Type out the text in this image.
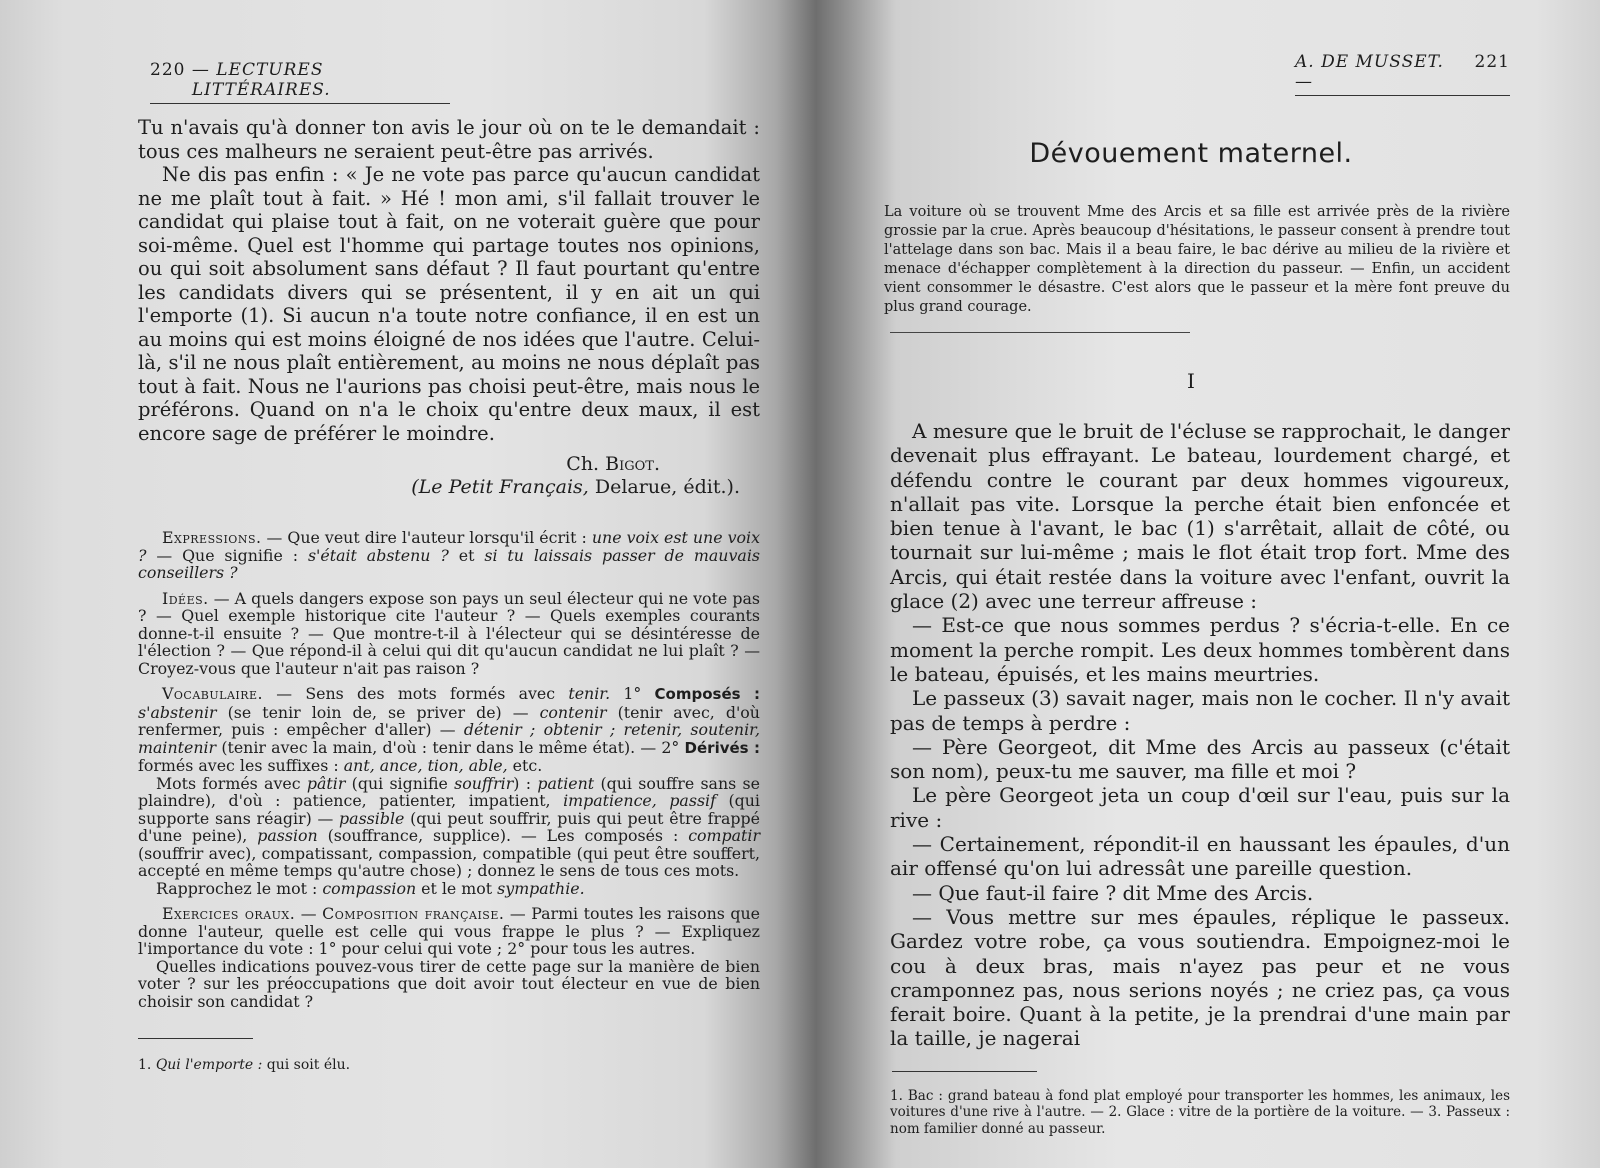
220
— LECTURES LITTÉRAIRES.

Tu n'avais qu'à donner ton avis le jour où on te le demandait : tous ces malheurs ne seraient peut-être pas arrivés.

Ne dis pas enfin : « Je ne vote pas parce qu'aucun candidat ne me plaît tout à fait. » Hé ! mon ami, s'il fallait trouver le candidat qui plaise tout à fait, on ne voterait guère que pour soi-même. Quel est l'homme qui partage toutes nos opinions, ou qui soit absolument sans défaut ? Il faut pourtant qu'entre les candidats divers qui se présentent, il y en ait un qui l'emporte (1). Si aucun n'a toute notre confiance, il en est un au moins qui est moins éloigné de nos idées que l'autre. Celui-là, s'il ne nous plaît entièrement, au moins ne nous déplaît pas tout à fait. Nous ne l'aurions pas choisi peut-être, mais nous le préférons. Quand on n'a le choix qu'entre deux maux, il est encore sage de préférer le moindre.

Ch. Bigot.
(Le Petit Français, Delarue, édit.).

Expressions. — Que veut dire l'auteur lorsqu'il écrit : une voix est une voix ? — Que signifie : s'était abstenu ? et si tu laissais passer de mauvais conseillers ?

Idées. — A quels dangers expose son pays un seul électeur qui ne vote pas ? — Quel exemple historique cite l'auteur ? — Quels exemples courants donne-t-il ensuite ? — Que montre-t-il à l'électeur qui se désintéresse de l'élection ? — Que répond-il à celui qui dit qu'aucun candidat ne lui plaît ? — Croyez-vous que l'auteur n'ait pas raison ?

Vocabulaire. — Sens des mots formés avec tenir. 1° Composés : s'abstenir (se tenir loin de, se priver de) — contenir (tenir avec, d'où renfermer, puis : empêcher d'aller) — détenir ; obtenir ; retenir, soutenir, maintenir (tenir avec la main, d'où : tenir dans le même état). — 2° Dérivés : formés avec les suffixes : ant, ance, tion, able, etc.

Mots formés avec pâtir (qui signifie souffrir) : patient (qui souffre sans se plaindre), d'où : patience, patienter, impatient, impatience, passif (qui supporte sans réagir) — passible (qui peut souffrir, puis qui peut être frappé d'une peine), passion (souffrance, supplice). — Les composés : compatir (souffrir avec), compatissant, compassion, compatible (qui peut être souffert, accepté en même temps qu'autre chose) ; donnez le sens de tous ces mots.

Rapprochez le mot : compassion et le mot sympathie.

Exercices oraux. — Composition française. — Parmi toutes les raisons que donne l'auteur, quelle est celle qui vous frappe le plus ? — Expliquez l'importance du vote : 1° pour celui qui vote ; 2° pour tous les autres.

Quelles indications pouvez-vous tirer de cette page sur la manière de bien voter ? sur les préoccupations que doit avoir tout électeur en vue de bien choisir son candidat ?

1. Qui l'emporte : qui soit élu.
A. DE MUSSET. —

221
Dévouement maternel.
La voiture où se trouvent Mme des Arcis et sa fille est arrivée près de la rivière grossie par la crue. Après beaucoup d'hésitations, le passeur consent à prendre tout l'attelage dans son bac. Mais il a beau faire, le bac dérive au milieu de la rivière et menace d'échapper complètement à la direction du passeur. — Enfin, un accident vient consommer le désastre. C'est alors que le passeur et la mère font preuve du plus grand courage.
I

A mesure que le bruit de l'écluse se rapprochait, le danger devenait plus effrayant. Le bateau, lourdement chargé, et défendu contre le courant par deux hommes vigoureux, n'allait pas vite. Lorsque la perche était bien enfoncée et bien tenue à l'avant, le bac (1) s'arrêtait, allait de côté, ou tournait sur lui-même ; mais le flot était trop fort. Mme des Arcis, qui était restée dans la voiture avec l'enfant, ouvrit la glace (2) avec une terreur affreuse :

— Est-ce que nous sommes perdus ? s'écria-t-elle. En ce moment la perche rompit. Les deux hommes tombèrent dans le bateau, épuisés, et les mains meurtries.

Le passeux (3) savait nager, mais non le cocher. Il n'y avait pas de temps à perdre :

— Père Georgeot, dit Mme des Arcis au passeux (c'était son nom), peux-tu me sauver, ma fille et moi ?

Le père Georgeot jeta un coup d'œil sur l'eau, puis sur la rive :

— Certainement, répondit-il en haussant les épaules, d'un air offensé qu'on lui adressât une pareille question.

— Que faut-il faire ? dit Mme des Arcis.

— Vous mettre sur mes épaules, réplique le passeux. Gardez votre robe, ça vous soutiendra. Empoignez-moi le cou à deux bras, mais n'ayez pas peur et ne vous cramponnez pas, nous serions noyés ; ne criez pas, ça vous ferait boire. Quant à la petite, je la prendrai d'une main par la taille, je nagerai

1. Bac : grand bateau à fond plat employé pour transporter les hommes, les animaux, les voitures d'une rive à l'autre. — 2. Glace : vitre de la portière de la voiture. — 3. Passeux : nom familier donné au passeur.
